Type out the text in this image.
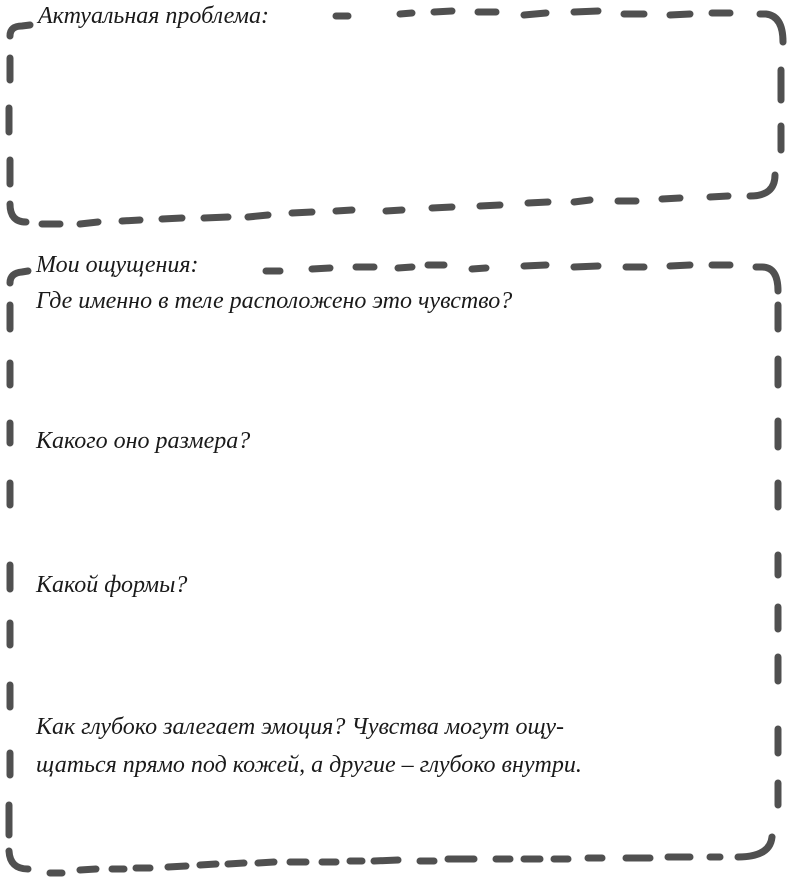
Актуальная проблема:
Мои ощущения:
Где именно в теле расположено это чувство?
Какого оно размера?
Какой формы?
Как глубоко залегает эмоция? Чувства могут ощу-
щаться прямо под кожей, а другие – глубоко внутри.
